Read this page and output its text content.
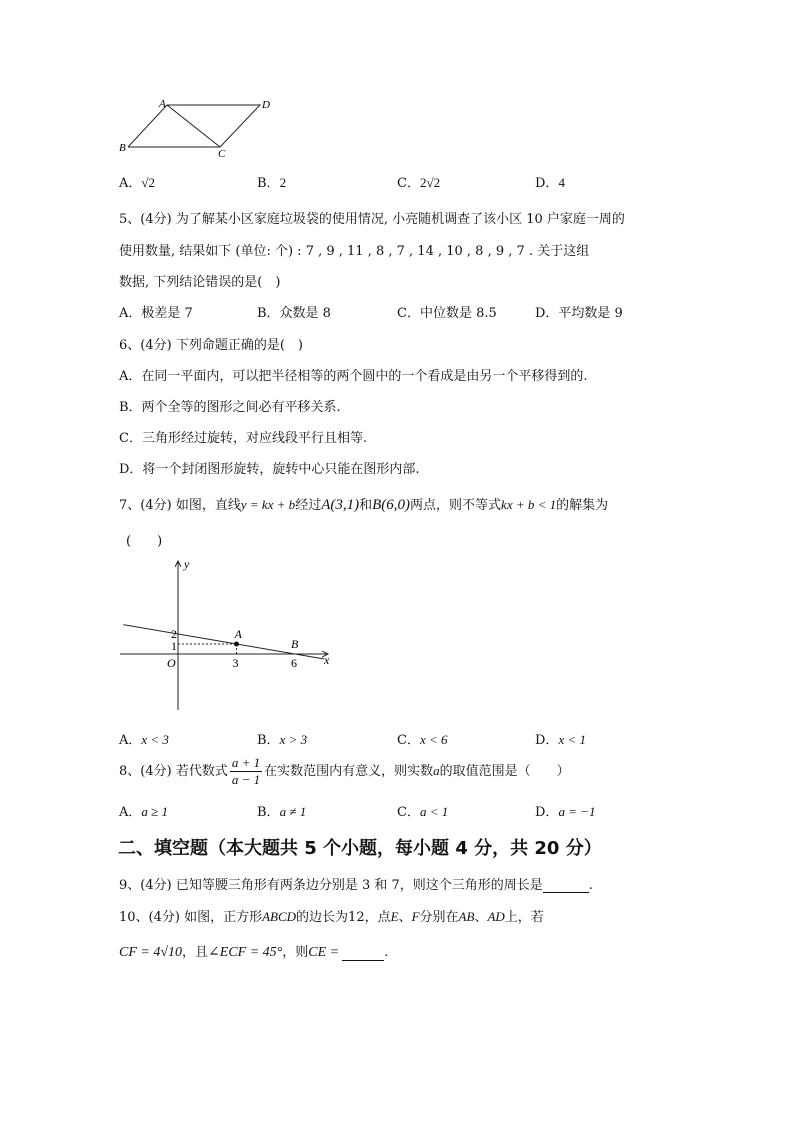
A	D
B	C
A．√2	B．2	C．2√2	D．4
5、(4分) 为了解某小区家庭垃圾袋的使用情况, 小亮随机调查了该小区 10 户家庭一周的
使用数量, 结果如下 (单位: 个) : 7 , 9 , 11 , 8 , 7 , 14 , 10 , 8 , 9 , 7 . 关于这组
数据, 下列结论错误的是(　)
A．极差是 7	B．众数是 8	C．中位数是 8.5	D．平均数是 9
6、(4分) 下列命题正确的是(　)
A．在同一平面内，可以把半径相等的两个圆中的一个看成是由另一个平移得到的.
B．两个全等的图形之间必有平移关系.
C．三角形经过旋转，对应线段平行且相等.
D．将一个封闭图形旋转，旋转中心只能在图形内部.
7、(4分) 如图，直线y = kx + b经过A(3,1)和B(6,0)两点，则不等式kx + b < 1的解集为
(　　)
y
x
O
2
1
3	6
A
B
A．x < 3	B．x > 3	C．x < 6	D．x < 1
8、(4分) 若代数式 $\frac{a + 1}{a - 1}$ 在实数范围内有意义，则实数a的取值范围是（　　）
A．a ≥ 1	B．a ≠ 1	C．a < 1	D．a = −1
二、填空题（本大题共 5 个小题，每小题 4 分，共 20 分）
9、(4分) 已知等腰三角形有两条边分别是 3 和 7，则这个三角形的周长是	.
10、(4分) 如图，正方形ABCD的边长为12，点E、F分别在AB、AD上，若
CF = 4√10，且∠ECF = 45°，则CE =	.
